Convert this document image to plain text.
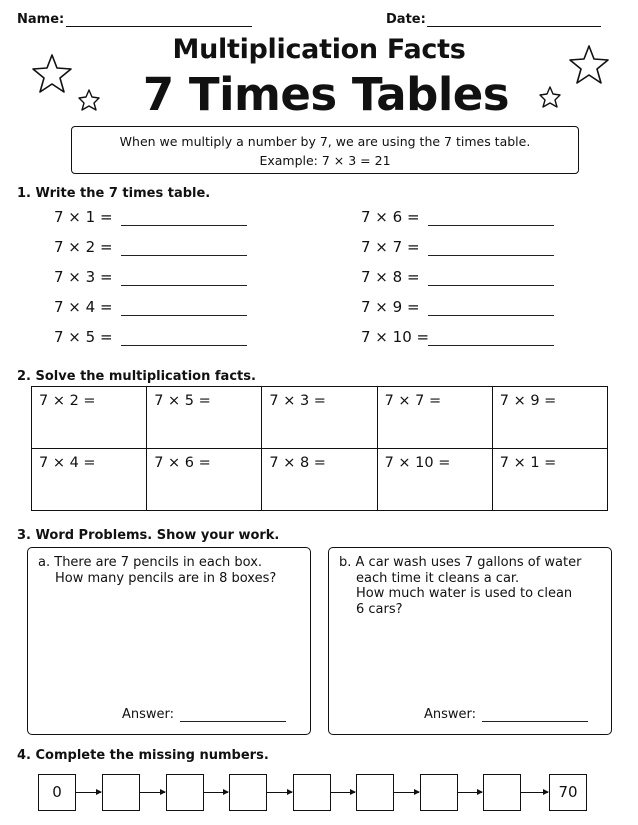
Name:	Date:
Multiplication Facts
7 Times Tables
When we multiply a number by 7, we are using the 7 times table.
Example: 7 × 3 = 21
1. Write the 7 times table.
7 × 1 =
7 × 2 =
7 × 3 =
7 × 4 =
7 × 5 =
7 × 6 =
7 × 7 =
7 × 8 =
7 × 9 =
7 × 10 =
2. Solve the multiplication facts.
7 × 2 =	7 × 5 =	7 × 3 =	7 × 7 =	7 × 9 =
7 × 4 =	7 × 6 =	7 × 8 =	7 × 10 =	7 × 1 =
3. Word Problems. Show your work.
a. There are 7 pencils in each box.
How many pencils are in 8 boxes?
Answer:
b. A car wash uses 7 gallons of water
each time it cleans a car.
How much water is used to clean
6 cars?
Answer:
4. Complete the missing numbers.
0	70
